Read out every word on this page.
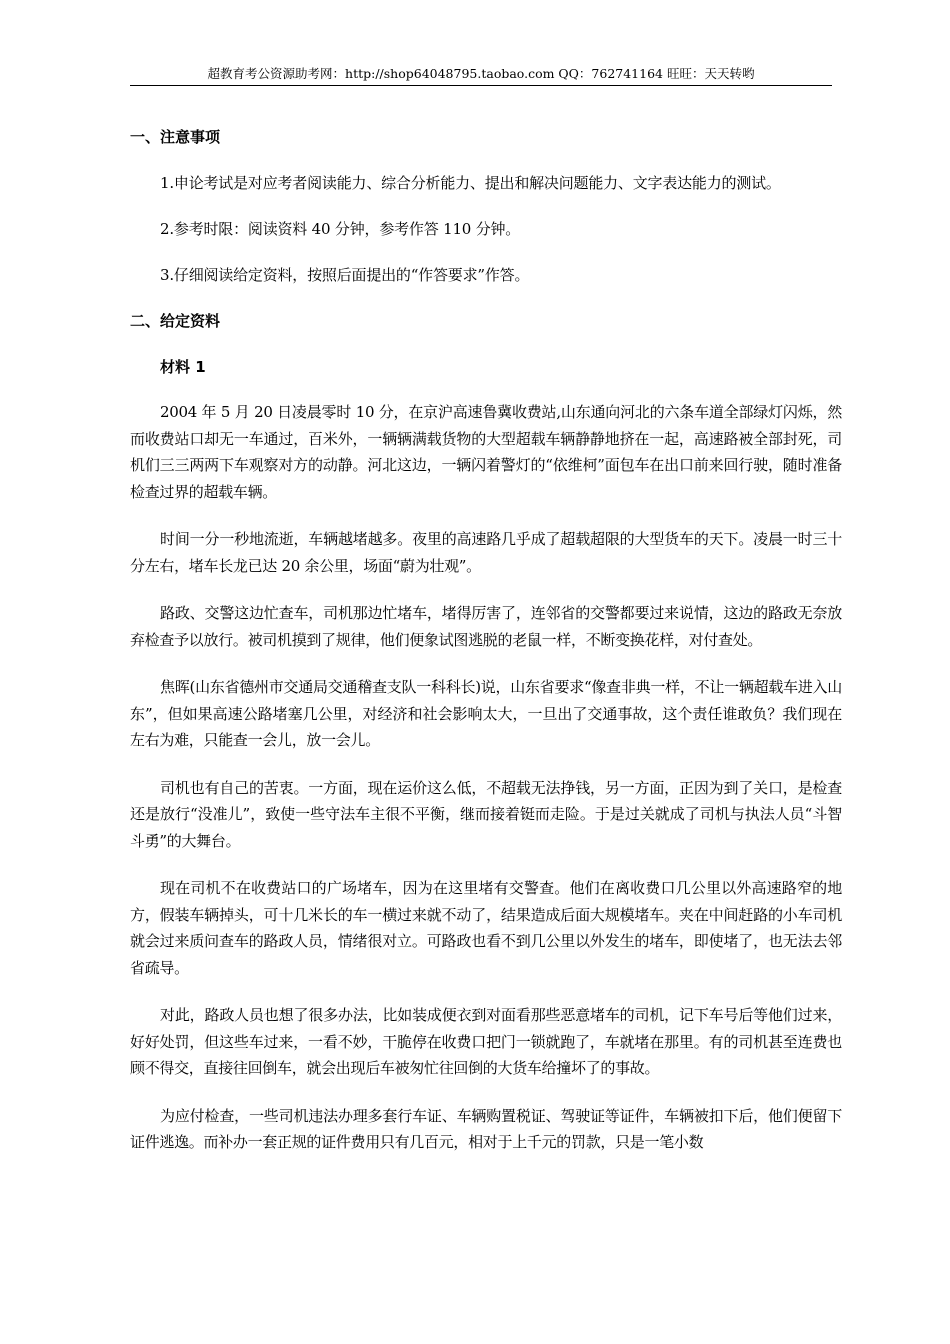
超教育考公资源助考网：http://shop64048795.taobao.com QQ：762741164 旺旺：天天转哟

一、注意事项

1.申论考试是对应考者阅读能力、综合分析能力、提出和解决问题能力、文字表达能力的测试。

2.参考时限：阅读资料 40 分钟，参考作答 110 分钟。

3.仔细阅读给定资料，按照后面提出的“作答要求”作答。

二、给定资料

材料 1

2004 年 5 月 20 日凌晨零时 10 分，在京沪高速鲁冀收费站,山东通向河北的六条车道全部绿灯闪烁，然而收费站口却无一车通过，百米外，一辆辆满载货物的大型超载车辆静静地挤在一起，高速路被全部封死，司机们三三两两下车观察对方的动静。河北这边，一辆闪着警灯的“依维柯”面包车在出口前来回行驶，随时准备检查过界的超载车辆。

时间一分一秒地流逝，车辆越堵越多。夜里的高速路几乎成了超载超限的大型货车的天下。凌晨一时三十分左右，堵车长龙已达 20 余公里，场面“蔚为壮观”。

路政、交警这边忙查车，司机那边忙堵车，堵得厉害了，连邻省的交警都要过来说情，这边的路政无奈放弃检查予以放行。被司机摸到了规律，他们便象试图逃脱的老鼠一样，不断变换花样，对付查处。

焦晖(山东省德州市交通局交通稽查支队一科科长)说，山东省要求“像查非典一样，不让一辆超载车进入山东”，但如果高速公路堵塞几公里，对经济和社会影响太大，一旦出了交通事故，这个责任谁敢负？我们现在左右为难，只能查一会儿，放一会儿。

司机也有自己的苦衷。一方面，现在运价这么低，不超载无法挣钱，另一方面，正因为到了关口，是检查还是放行“没准儿”，致使一些守法车主很不平衡，继而接着铤而走险。于是过关就成了司机与执法人员“斗智斗勇”的大舞台。

现在司机不在收费站口的广场堵车，因为在这里堵有交警查。他们在离收费口几公里以外高速路窄的地方，假装车辆掉头，可十几米长的车一横过来就不动了，结果造成后面大规模堵车。夹在中间赶路的小车司机就会过来质问查车的路政人员，情绪很对立。可路政也看不到几公里以外发生的堵车，即使堵了，也无法去邻省疏导。

对此，路政人员也想了很多办法，比如装成便衣到对面看那些恶意堵车的司机，记下车号后等他们过来，好好处罚，但这些车过来，一看不妙，干脆停在收费口把门一锁就跑了，车就堵在那里。有的司机甚至连费也顾不得交，直接往回倒车，就会出现后车被匆忙往回倒的大货车给撞坏了的事故。

为应付检查，一些司机违法办理多套行车证、车辆购置税证、驾驶证等证件，车辆被扣下后，他们便留下证件逃逸。而补办一套正规的证件费用只有几百元，相对于上千元的罚款，只是一笔小数
